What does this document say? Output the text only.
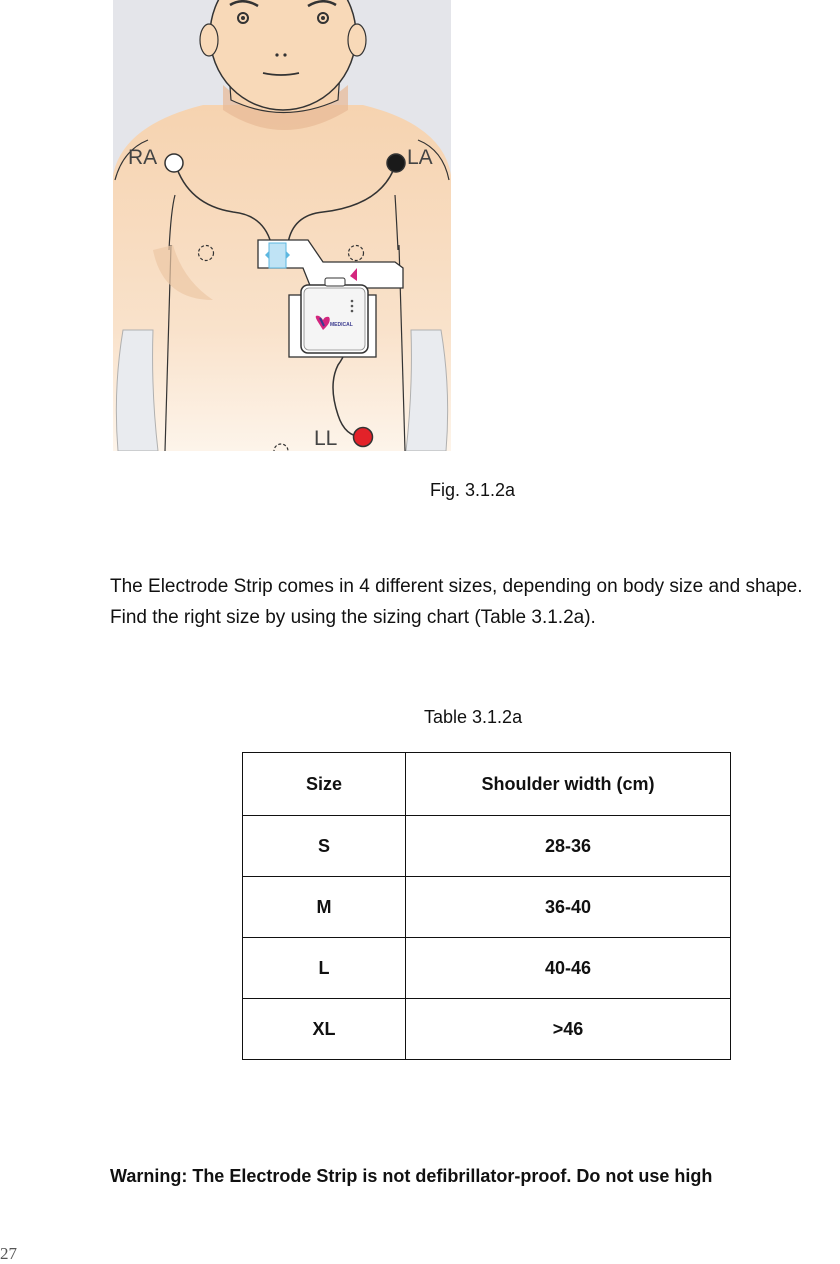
MEDICAL
RA	LA
LL
Fig. 3.1.2a

The Electrode Strip comes in 4 different sizes, depending on body size and shape. Find the right size by using the sizing chart (Table 3.1.2a).

Table 3.1.2a
Size	Shoulder width (cm)
S	28-36
M	36-40
L	40-46
XL	>46
Warning: The Electrode Strip is not defibrillator-proof. Do not use high
27
